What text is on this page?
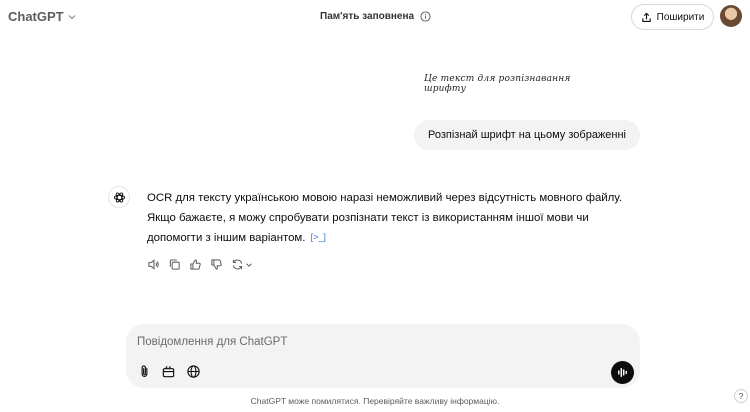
ChatGPT	Пам'ять заповнена	Поширити
Це текст для розпізнавання шрифту
Розпізнай шрифт на цьому зображенні
OCR для тексту українською мовою наразі неможливий через відсутність мовного файлу. Якщо бажаєте, я можу спробувати розпізнати текст із використанням іншої мови чи допомогти з іншим варіантом. [>_]
Повідомлення для ChatGPT
ChatGPT може помилятися. Перевіряйте важливу інформацію.	?
